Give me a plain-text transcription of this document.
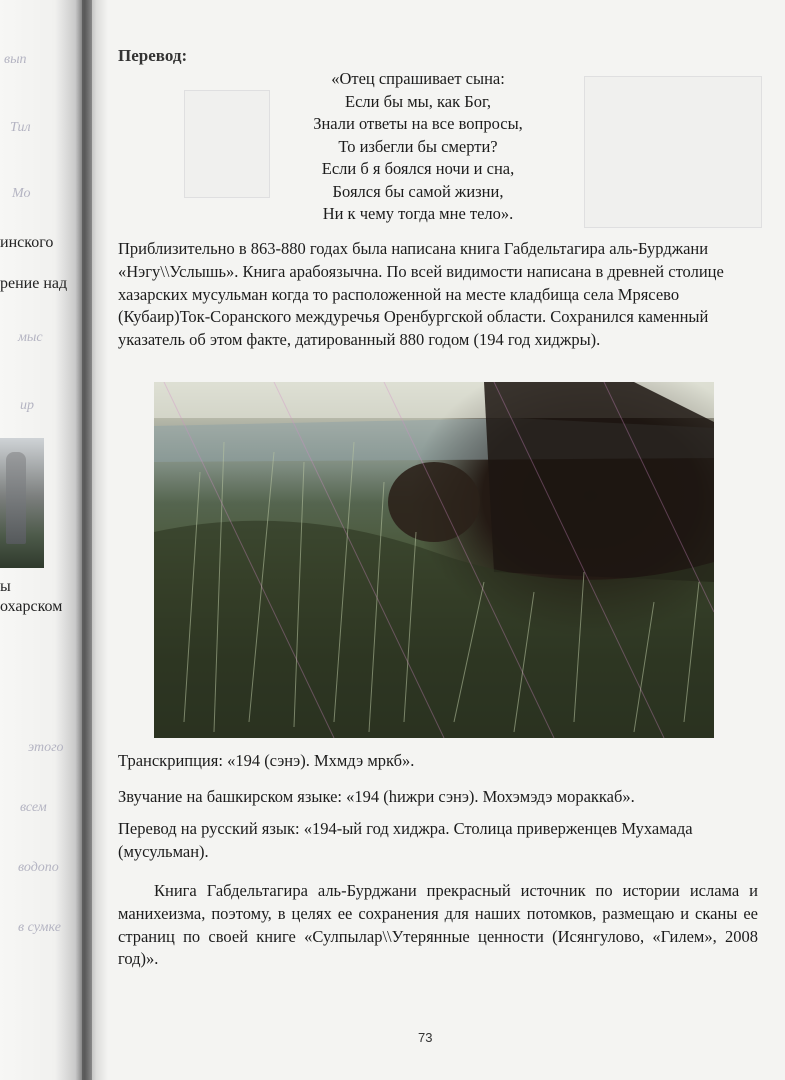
вып
Тил
Мо
инского
рение над
мыс
ир
ы
охарском
этого
всем
водопо
в сумке
Перевод:
«Отец спрашивает сына:
Если бы мы, как Бог,
Знали ответы на все вопросы,
То избегли бы смерти?
Если б я боялся ночи и сна,
Боялся бы самой жизни,
Ни к чему тогда мне тело».
Приблизительно в 863-880 годах была написана книга Габдельтагира аль-Бурджани «Нэгу\\Услышь». Книга арабоязычна. По всей видимости написана в древней столице хазарских мусульман когда то расположенной на месте кладбища села Мрясево (Кубаир)Ток-Соранского междуречья Оренбургской области. Сохранился каменный указатель об этом факте, датированный 880 годом (194 год хиджры).
Транскрипция: «194 (сэнэ). Мхмдэ мркб».
Звучание на башкирском языке: «194 (һижри сэнэ). Мохэмэдэ мораккаб».
Перевод на русский язык: «194-ый год хиджра. Столица приверженцев Мухамада (мусульман).
Книга Габдельтагира аль-Бурджани прекрасный источник по истории ислама и манихеизма, поэтому, в целях ее сохранения для наших потомков, размещаю и сканы ее страниц по своей книге «Сулпылар\\Утерянные ценности (Исянгулово, «Гилем», 2008 год)».
73
